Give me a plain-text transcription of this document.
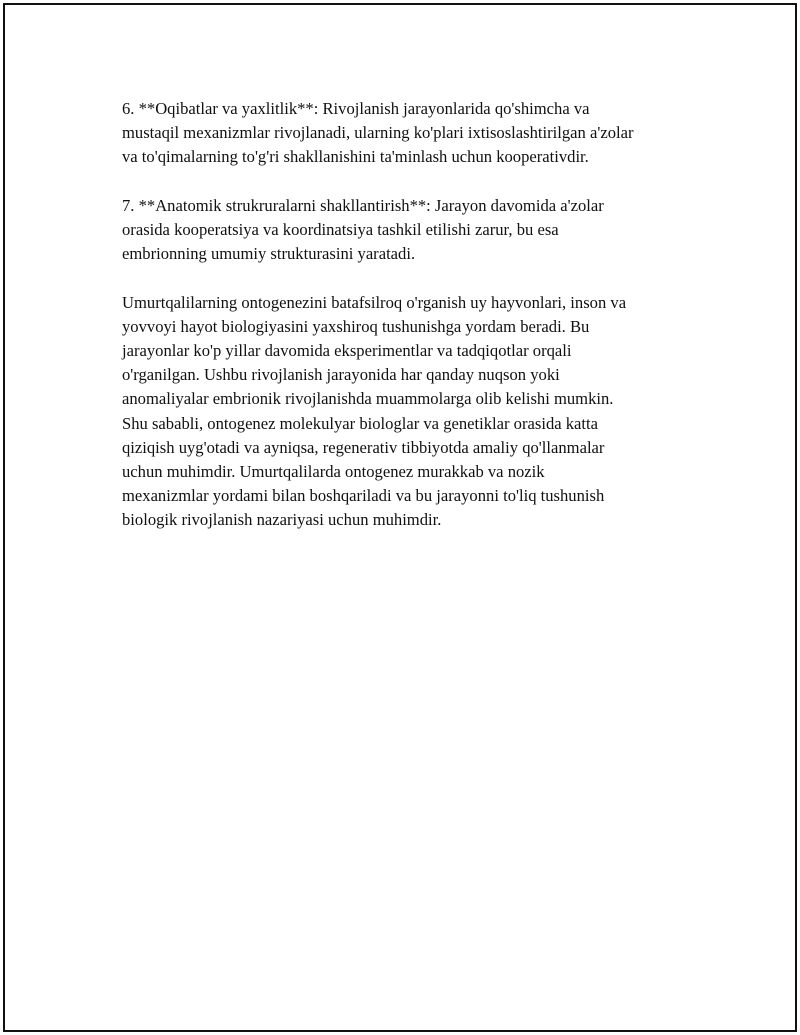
6. **Oqibatlar va yaxlitlik**: Rivojlanish jarayonlarida qo'shimcha va
mustaqil mexanizmlar rivojlanadi, ularning ko'plari ixtisoslashtirilgan a'zolar
va to'qimalarning to'g'ri shakllanishini ta'minlash uchun kooperativdir.

7. **Anatomik strukruralarni shakllantirish**: Jarayon davomida a'zolar
orasida kooperatsiya va koordinatsiya tashkil etilishi zarur, bu esa
embrionning umumiy strukturasini yaratadi.

Umurtqalilarning ontogenezini batafsilroq o'rganish uy hayvonlari, inson va
yovvoyi hayot biologiyasini yaxshiroq tushunishga yordam beradi. Bu
jarayonlar ko'p yillar davomida eksperimentlar va tadqiqotlar orqali
o'rganilgan. Ushbu rivojlanish jarayonida har qanday nuqson yoki
anomaliyalar embrionik rivojlanishda muammolarga olib kelishi mumkin.
Shu sababli, ontogenez molekulyar biologlar va genetiklar orasida katta
qiziqish uyg'otadi va ayniqsa, regenerativ tibbiyotda amaliy qo'llanmalar
uchun muhimdir. Umurtqalilarda ontogenez murakkab va nozik
mexanizmlar yordami bilan boshqariladi va bu jarayonni to'liq tushunish
biologik rivojlanish nazariyasi uchun muhimdir.
